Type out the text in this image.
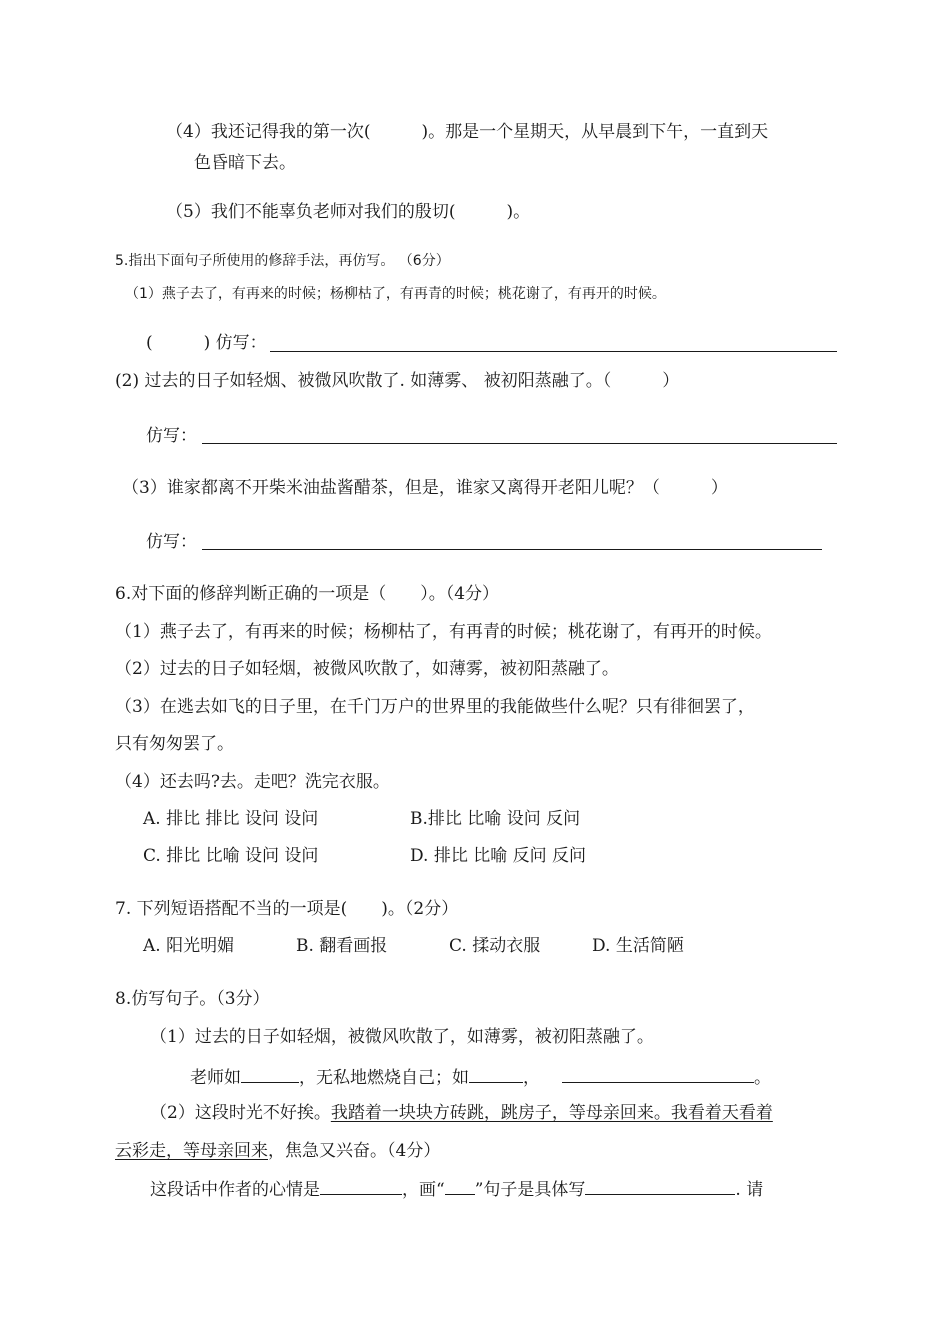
（4）我还记得我的第一次(　　　)。那是一个星期天，从早晨到下午，一直到天
色昏暗下去。
（5）我们不能辜负老师对我们的殷切(　　　)。
5.指出下面句子所使用的修辞手法，再仿写。 （6分）
（1）燕子去了，有再来的时候；杨柳枯了，有再青的时候；桃花谢了，有再开的时候。
(　　　) 仿写：
(2) 过去的日子如轻烟、被微风吹散了. 如薄雾、 被初阳蒸融了。（　　　）
仿写：
（3）谁家都离不开柴米油盐酱醋茶，但是，谁家又离得开老阳儿呢？（　　　）
仿写：
6.对下面的修辞判断正确的一项是（　　）。（4分）
（1）燕子去了，有再来的时候；杨柳枯了，有再青的时候；桃花谢了，有再开的时候。
（2）过去的日子如轻烟，被微风吹散了，如薄雾，被初阳蒸融了。
（3）在逃去如飞的日子里，在千门万户的世界里的我能做些什么呢？只有徘徊罢了，
只有匆匆罢了。
（4）还去吗?去。走吧？洗完衣服。
A. 排比 排比 设问 设问	B.排比 比喻 设问 反问
C. 排比 比喻 设问 设问	D. 排比 比喻 反问 反问
7. 下列短语搭配不当的一项是(　　)。（2分）
A. 阳光明媚	B. 翻看画报	C. 揉动衣服	D. 生活简陋
8.仿写句子。（3分）
（1）过去的日子如轻烟，被微风吹散了，如薄雾，被初阳蒸融了。
老师如	，无私地燃烧自己；如	，	。
（2）这段时光不好挨。我踏着一块块方砖跳，跳房子，等母亲回来。我看着天看着
云彩走，等母亲回来，焦急又兴奋。（4分）
这段话中作者的心情是	，画“ ”句子是具体写	. 请
